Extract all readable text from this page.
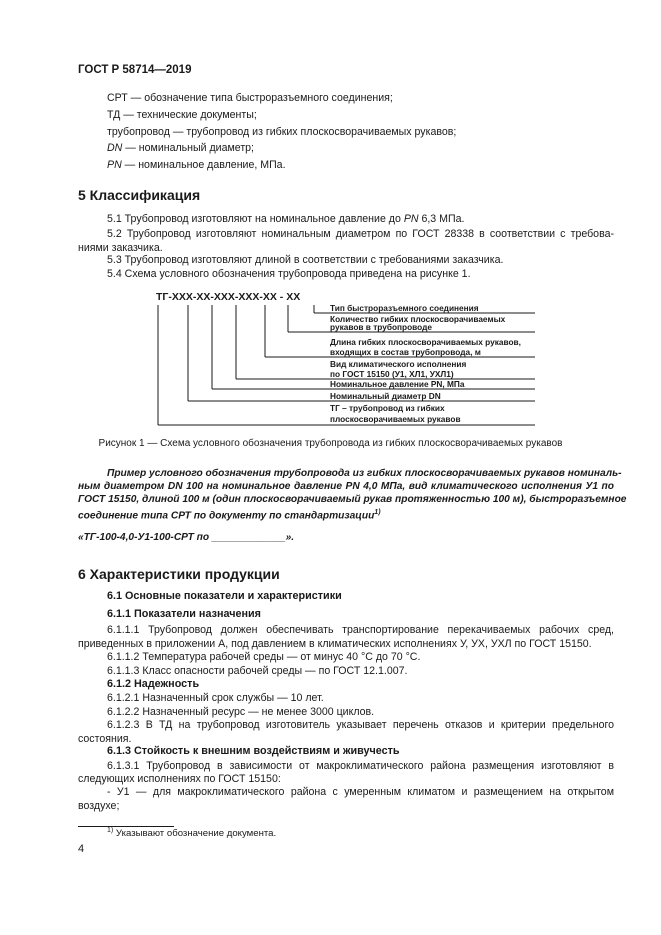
ГОСТ Р 58714—2019
СРТ — обозначение типа быстроразъемного соединения;
ТД — технические документы;
трубопровод — трубопровод из гибких плоскосворачиваемых рукавов;
DN — номинальный диаметр;
PN — номинальное давление, МПа.
5 Классификация
5.1 Трубопровод изготовляют на номинальное давление до PN 6,3 МПа.
5.2 Трубопровод изготовляют номинальным диаметром по ГОСТ 28338 в соответствии с требова-
ниями заказчика.
5.3 Трубопровод изготовляют длиной в соответствии с требованиями заказчика.
5.4 Схема условного обозначения трубопровода приведена на рисунке 1.
ТГ-ХХХ-ХХ-ХХХ-ХХХ-ХХ - ХХ
Тип быстроразъемного соединения
Количество гибких плоскосворачиваемых
рукавов в трубопроводе
Длина гибких плоскосворачиваемых рукавов,
входящих в состав трубопровода, м
Вид климатического исполнения
по ГОСТ 15150 (У1, ХЛ1, УХЛ1)
Номинальное давление PN, МПа
Номинальный диаметр DN
ТГ – трубопровод из гибких
плоскосворачиваемых рукавов
Рисунок 1 — Схема условного обозначения трубопровода из гибких плоскосворачиваемых рукавов
Пример условного обозначения трубопровода из гибких плоскосворачиваемых рукавов номиналь-
ным диаметром DN 100 на номинальное давление PN 4,0 МПа, вид климатического исполнения У1 по
ГОСТ 15150, длиной 100 м (один плоскосворачиваемый рукав протяженностью 100 м), быстроразъемное
соединение типа СРТ по документу по стандартизации$^{1)}$
«ТГ-100-4,0-У1-100-СРТ по _____________».
6 Характеристики продукции
6.1 Основные показатели и характеристики
6.1.1 Показатели назначения
6.1.1.1 Трубопровод должен обеспечивать транспортирование перекачиваемых рабочих сред,
приведенных в приложении А, под давлением в климатических исполнениях У, УХ, УХЛ по ГОСТ 15150.
6.1.1.2 Температура рабочей среды — от минус 40 °С до 70 °С.
6.1.1.3 Класс опасности рабочей среды — по ГОСТ 12.1.007.
6.1.2 Надежность
6.1.2.1 Назначенный срок службы — 10 лет.
6.1.2.2 Назначенный ресурс — не менее 3000 циклов.
6.1.2.3 В ТД на трубопровод изготовитель указывает перечень отказов и критерии предельного
состояния.
6.1.3 Стойкость к внешним воздействиям и живучесть
6.1.3.1 Трубопровод в зависимости от макроклиматического района размещения изготовляют в
следующих исполнениях по ГОСТ 15150:
- У1 — для макроклиматического района с умеренным климатом и размещением на открытом
воздухе;
$^{1)}$ Указывают обозначение документа.
4
